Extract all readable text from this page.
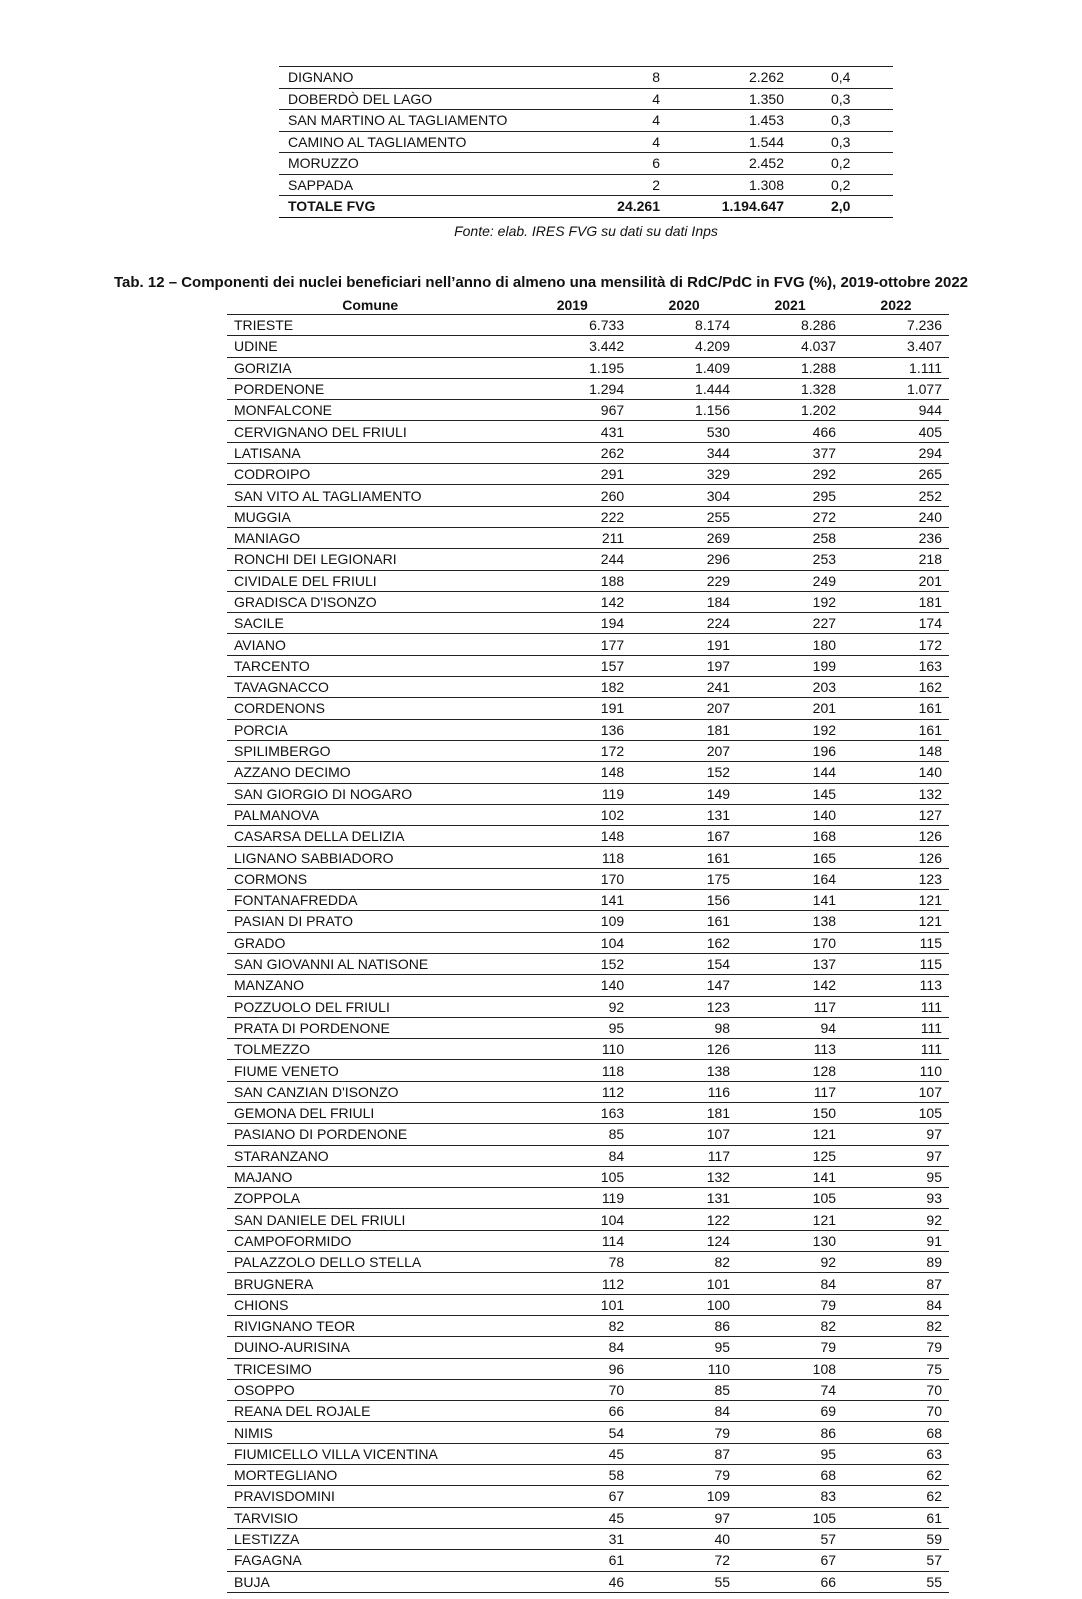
DIGNANO	8	2.262	0,4
DOBERDÒ DEL LAGO	4	1.350	0,3
SAN MARTINO AL TAGLIAMENTO	4	1.453	0,3
CAMINO AL TAGLIAMENTO	4	1.544	0,3
MORUZZO	6	2.452	0,2
SAPPADA	2	1.308	0,2
TOTALE FVG	24.261	1.194.647	2,0
Fonte: elab. IRES FVG su dati su dati Inps
Tab. 12 – Componenti dei nuclei beneficiari nell’anno di almeno una mensilità di RdC/PdC in FVG (%), 2019-ottobre 2022
Comune	2019	2020	2021	2022
TRIESTE	6.733	8.174	8.286	7.236
UDINE	3.442	4.209	4.037	3.407
GORIZIA	1.195	1.409	1.288	1.111
PORDENONE	1.294	1.444	1.328	1.077
MONFALCONE	967	1.156	1.202	944
CERVIGNANO DEL FRIULI	431	530	466	405
LATISANA	262	344	377	294
CODROIPO	291	329	292	265
SAN VITO AL TAGLIAMENTO	260	304	295	252
MUGGIA	222	255	272	240
MANIAGO	211	269	258	236
RONCHI DEI LEGIONARI	244	296	253	218
CIVIDALE DEL FRIULI	188	229	249	201
GRADISCA D'ISONZO	142	184	192	181
SACILE	194	224	227	174
AVIANO	177	191	180	172
TARCENTO	157	197	199	163
TAVAGNACCO	182	241	203	162
CORDENONS	191	207	201	161
PORCIA	136	181	192	161
SPILIMBERGO	172	207	196	148
AZZANO DECIMO	148	152	144	140
SAN GIORGIO DI NOGARO	119	149	145	132
PALMANOVA	102	131	140	127
CASARSA DELLA DELIZIA	148	167	168	126
LIGNANO SABBIADORO	118	161	165	126
CORMONS	170	175	164	123
FONTANAFREDDA	141	156	141	121
PASIAN DI PRATO	109	161	138	121
GRADO	104	162	170	115
SAN GIOVANNI AL NATISONE	152	154	137	115
MANZANO	140	147	142	113
POZZUOLO DEL FRIULI	92	123	117	111
PRATA DI PORDENONE	95	98	94	111
TOLMEZZO	110	126	113	111
FIUME VENETO	118	138	128	110
SAN CANZIAN D'ISONZO	112	116	117	107
GEMONA DEL FRIULI	163	181	150	105
PASIANO DI PORDENONE	85	107	121	97
STARANZANO	84	117	125	97
MAJANO	105	132	141	95
ZOPPOLA	119	131	105	93
SAN DANIELE DEL FRIULI	104	122	121	92
CAMPOFORMIDO	114	124	130	91
PALAZZOLO DELLO STELLA	78	82	92	89
BRUGNERA	112	101	84	87
CHIONS	101	100	79	84
RIVIGNANO TEOR	82	86	82	82
DUINO-AURISINA	84	95	79	79
TRICESIMO	96	110	108	75
OSOPPO	70	85	74	70
REANA DEL ROJALE	66	84	69	70
NIMIS	54	79	86	68
FIUMICELLO VILLA VICENTINA	45	87	95	63
MORTEGLIANO	58	79	68	62
PRAVISDOMINI	67	109	83	62
TARVISIO	45	97	105	61
LESTIZZA	31	40	57	59
FAGAGNA	61	72	67	57
BUJA	46	55	66	55
